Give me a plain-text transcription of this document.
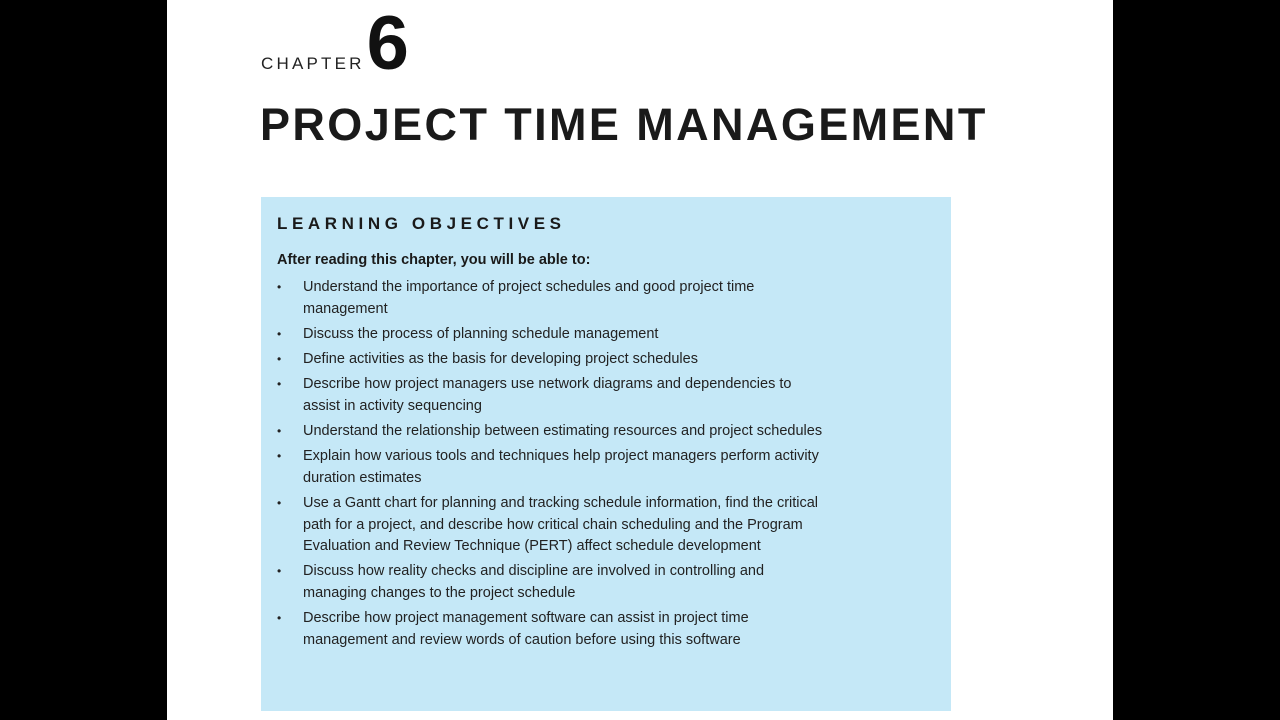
CHAPTER 6
PROJECT TIME MANAGEMENT
LEARNING OBJECTIVES

After reading this chapter, you will be able to:

• Understand the importance of project schedules and good project time management
• Discuss the process of planning schedule management
• Define activities as the basis for developing project schedules
• Describe how project managers use network diagrams and dependencies to assist in activity sequencing
• Understand the relationship between estimating resources and project schedules
• Explain how various tools and techniques help project managers perform activity duration estimates
• Use a Gantt chart for planning and tracking schedule information, find the critical path for a project, and describe how critical chain scheduling and the Program Evaluation and Review Technique (PERT) affect schedule development
• Discuss how reality checks and discipline are involved in controlling and managing changes to the project schedule
• Describe how project management software can assist in project time management and review words of caution before using this software
